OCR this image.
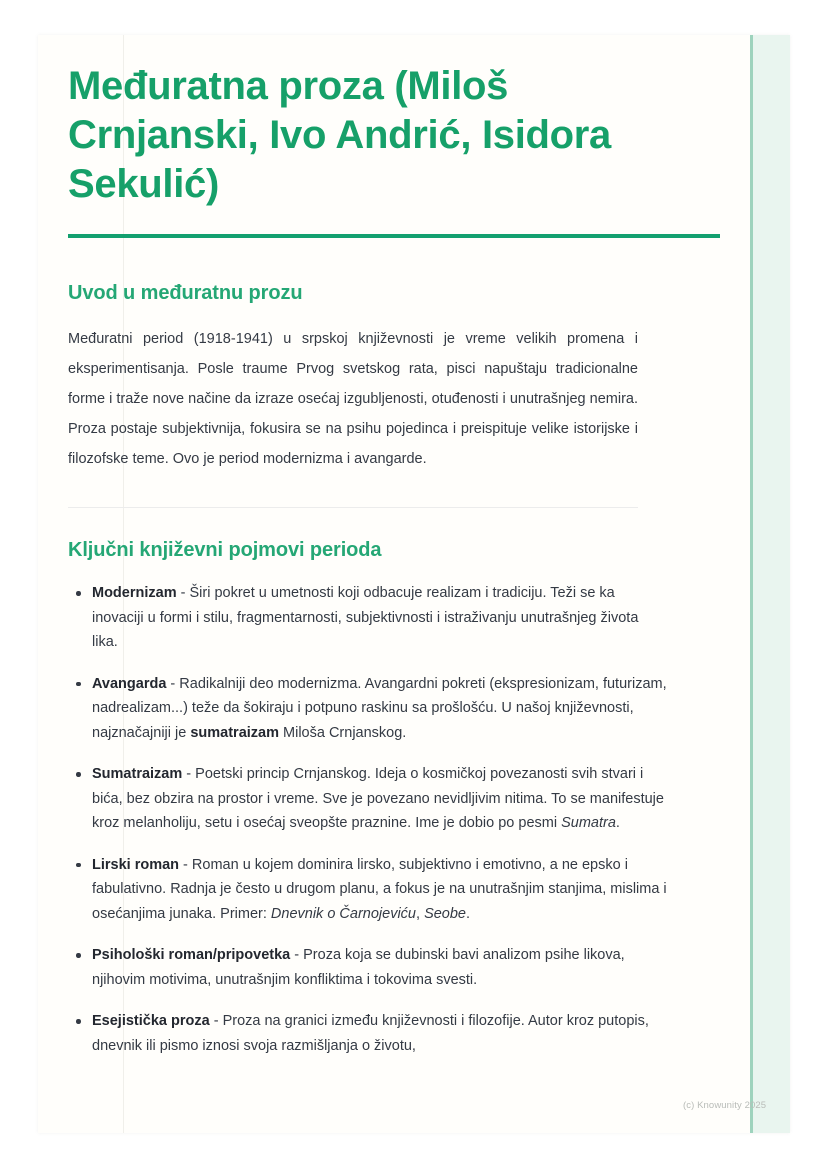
Međuratna proza (Miloš Crnjanski, Ivo Andrić, Isidora Sekulić)
Uvod u međuratnu prozu

Međuratni period (1918-1941) u srpskoj književnosti je vreme velikih promena i eksperimentisanja. Posle traume Prvog svetskog rata, pisci napuštaju tradicionalne forme i traže nove načine da izraze osećaj izgubljenosti, otuđenosti i unutrašnjeg nemira. Proza postaje subjektivnija, fokusira se na psihu pojedinca i preispituje velike istorijske i filozofske teme. Ovo je period modernizma i avangarde.

Ključni književni pojmovi perioda
Modernizam - Širi pokret u umetnosti koji odbacuje realizam i tradiciju. Teži se ka inovaciji u formi i stilu, fragmentarnosti, subjektivnosti i istraživanju unutrašnjeg života lika.
Avangarda - Radikalniji deo modernizma. Avangardni pokreti (ekspresionizam, futurizam, nadrealizam...) teže da šokiraju i potpuno raskinu sa prošlošću. U našoj književnosti, najznačajniji je sumatraizam Miloša Crnjanskog.
Sumatraizam - Poetski princip Crnjanskog. Ideja o kosmičkoj povezanosti svih stvari i bića, bez obzira na prostor i vreme. Sve je povezano nevidljivim nitima. To se manifestuje kroz melanholiju, setu i osećaj sveopšte praznine. Ime je dobio po pesmi Sumatra.
Lirski roman - Roman u kojem dominira lirsko, subjektivno i emotivno, a ne epsko i fabulativno. Radnja je često u drugom planu, a fokus je na unutrašnjim stanjima, mislima i osećanjima junaka. Primer: Dnevnik o Čarnojeviću, Seobe.
Psihološki roman/pripovetka - Proza koja se dubinski bavi analizom psihe likova, njihovim motivima, unutrašnjim konfliktima i tokovima svesti.
Esejistička proza - Proza na granici između književnosti i filozofije. Autor kroz putopis, dnevnik ili pismo iznosi svoja razmišljanja o životu,
(c) Knowunity 2025
